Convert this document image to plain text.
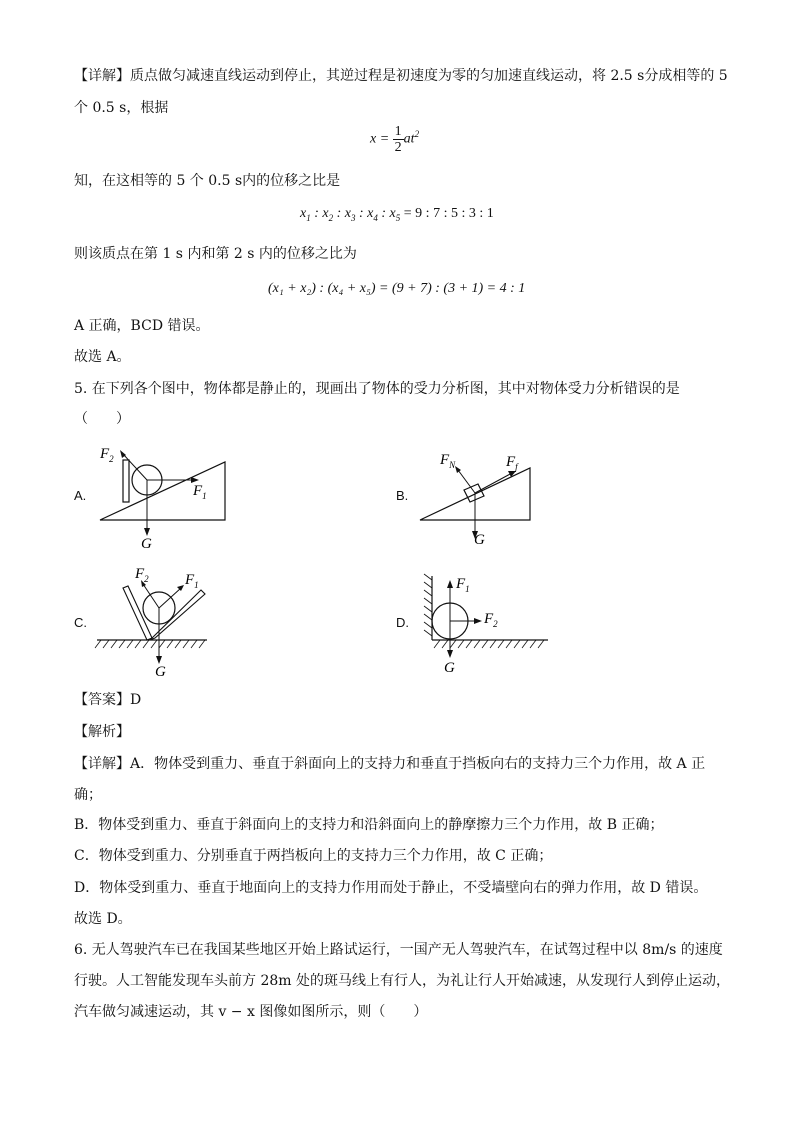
【详解】质点做匀减速直线运动到停止，其逆过程是初速度为零的匀加速直线运动，将 2.5 s分成相等的 5
个 0.5 s，根据
$x = \frac{1}{2} at^2$
知，在这相等的 5 个 0.5 s内的位移之比是
$x_1$ : $x_2$ : $x_3$ : $x_4$ : $x_5 = 9$ : 7 : 5 : 3 : 1
则该质点在第 1 s 内和第 2 s 内的位移之比为
(x₁ + x₂) : (x₄ + x₅) = (9 + 7) : (3 + 1) = 4 : 1
A 正确，BCD 错误。
故选 A。
5. 在下列各个图中，物体都是静止的，现画出了物体的受力分析图，其中对物体受力分析错误的是
（　　）
A.
$F_2$
$F_1$
G
B.
$F_N$	$F_f$
G
C.
$F_2$ $F_1$
G
D.
$F_1$
$F_2$
G
【答案】D
【解析】
【详解】A．物体受到重力、垂直于斜面向上的支持力和垂直于挡板向右的支持力三个力作用，故 A 正
确；
B．物体受到重力、垂直于斜面向上的支持力和沿斜面向上的静摩擦力三个力作用，故 B 正确；
C．物体受到重力、分别垂直于两挡板向上的支持力三个力作用，故 C 正确；
D．物体受到重力、垂直于地面向上的支持力作用而处于静止，不受墙壁向右的弹力作用，故 D 错误。
故选 D。
6. 无人驾驶汽车已在我国某些地区开始上路试运行，一国产无人驾驶汽车，在试驾过程中以 8m/s 的速度
行驶。人工智能发现车头前方 28m 处的斑马线上有行人，为礼让行人开始减速，从发现行人到停止运动，
汽车做匀减速运动，其 v − x 图像如图所示，则（　　）
